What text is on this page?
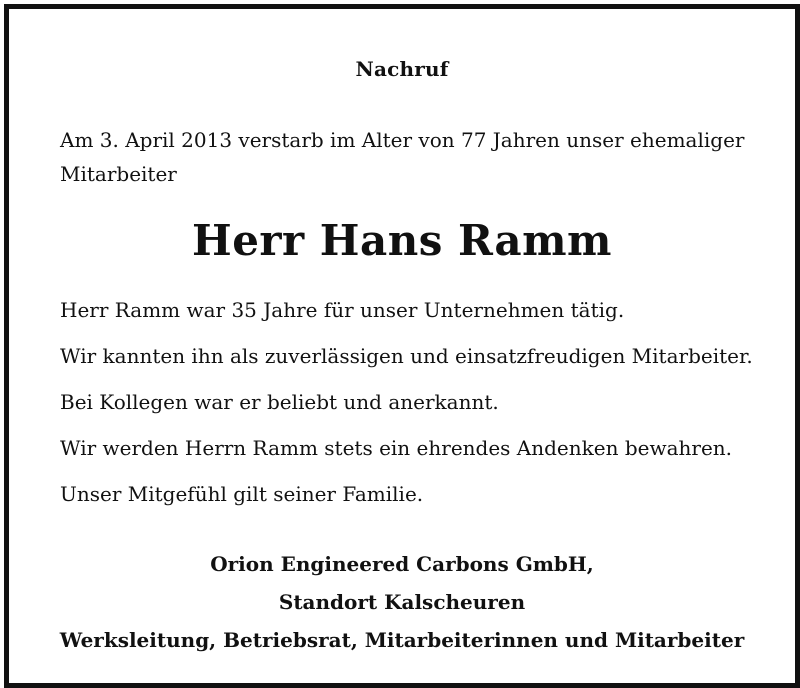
Nachruf
Am 3. April 2013 verstarb im Alter von 77 Jahren unser ehemaliger
Mitarbeiter
Herr Hans Ramm
Herr Ramm war 35 Jahre für unser Unternehmen tätig.
Wir kannten ihn als zuverlässigen und einsatzfreudigen Mitarbeiter.
Bei Kollegen war er beliebt und anerkannt.
Wir werden Herrn Ramm stets ein ehrendes Andenken bewahren.
Unser Mitgefühl gilt seiner Familie.
Orion Engineered Carbons GmbH,
Standort Kalscheuren
Werksleitung, Betriebsrat, Mitarbeiterinnen und Mitarbeiter
